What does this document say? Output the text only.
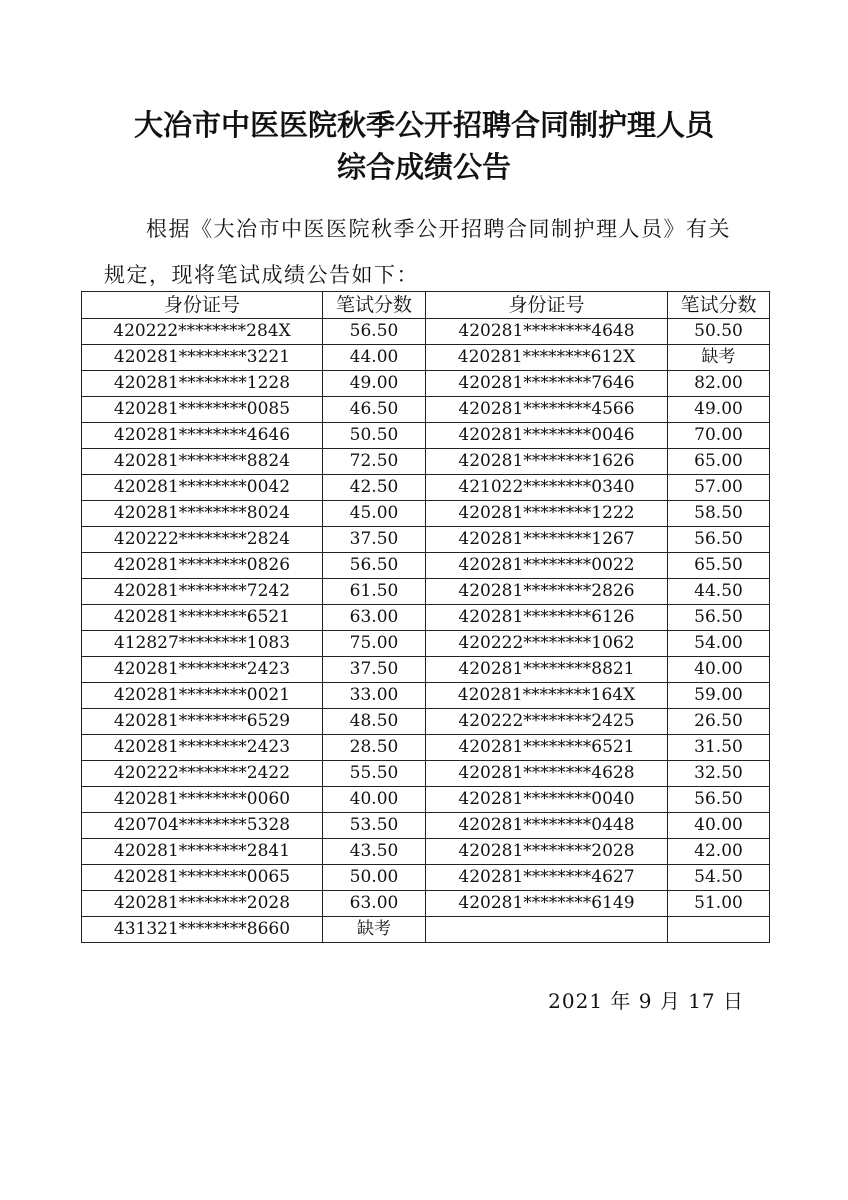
大冶市中医医院秋季公开招聘合同制护理人员
综合成绩公告

根据《大冶市中医医院秋季公开招聘合同制护理人员》有关

规定，现将笔试成绩公告如下：

身份证号	笔试分数	身份证号	笔试分数
420222********284X	56.50	420281********4648	50.50
420281********3221	44.00	420281********612X	缺考
420281********1228	49.00	420281********7646	82.00
420281********0085	46.50	420281********4566	49.00
420281********4646	50.50	420281********0046	70.00
420281********8824	72.50	420281********1626	65.00
420281********0042	42.50	421022********0340	57.00
420281********8024	45.00	420281********1222	58.50
420222********2824	37.50	420281********1267	56.50
420281********0826	56.50	420281********0022	65.50
420281********7242	61.50	420281********2826	44.50
420281********6521	63.00	420281********6126	56.50
412827********1083	75.00	420222********1062	54.00
420281********2423	37.50	420281********8821	40.00
420281********0021	33.00	420281********164X	59.00
420281********6529	48.50	420222********2425	26.50
420281********2423	28.50	420281********6521	31.50
420222********2422	55.50	420281********4628	32.50
420281********0060	40.00	420281********0040	56.50
420704********5328	53.50	420281********0448	40.00
420281********2841	43.50	420281********2028	42.00
420281********0065	50.00	420281********4627	54.50
420281********2028	63.00	420281********6149	51.00
431321********8660	缺考		

2021 年 9 月 17 日
